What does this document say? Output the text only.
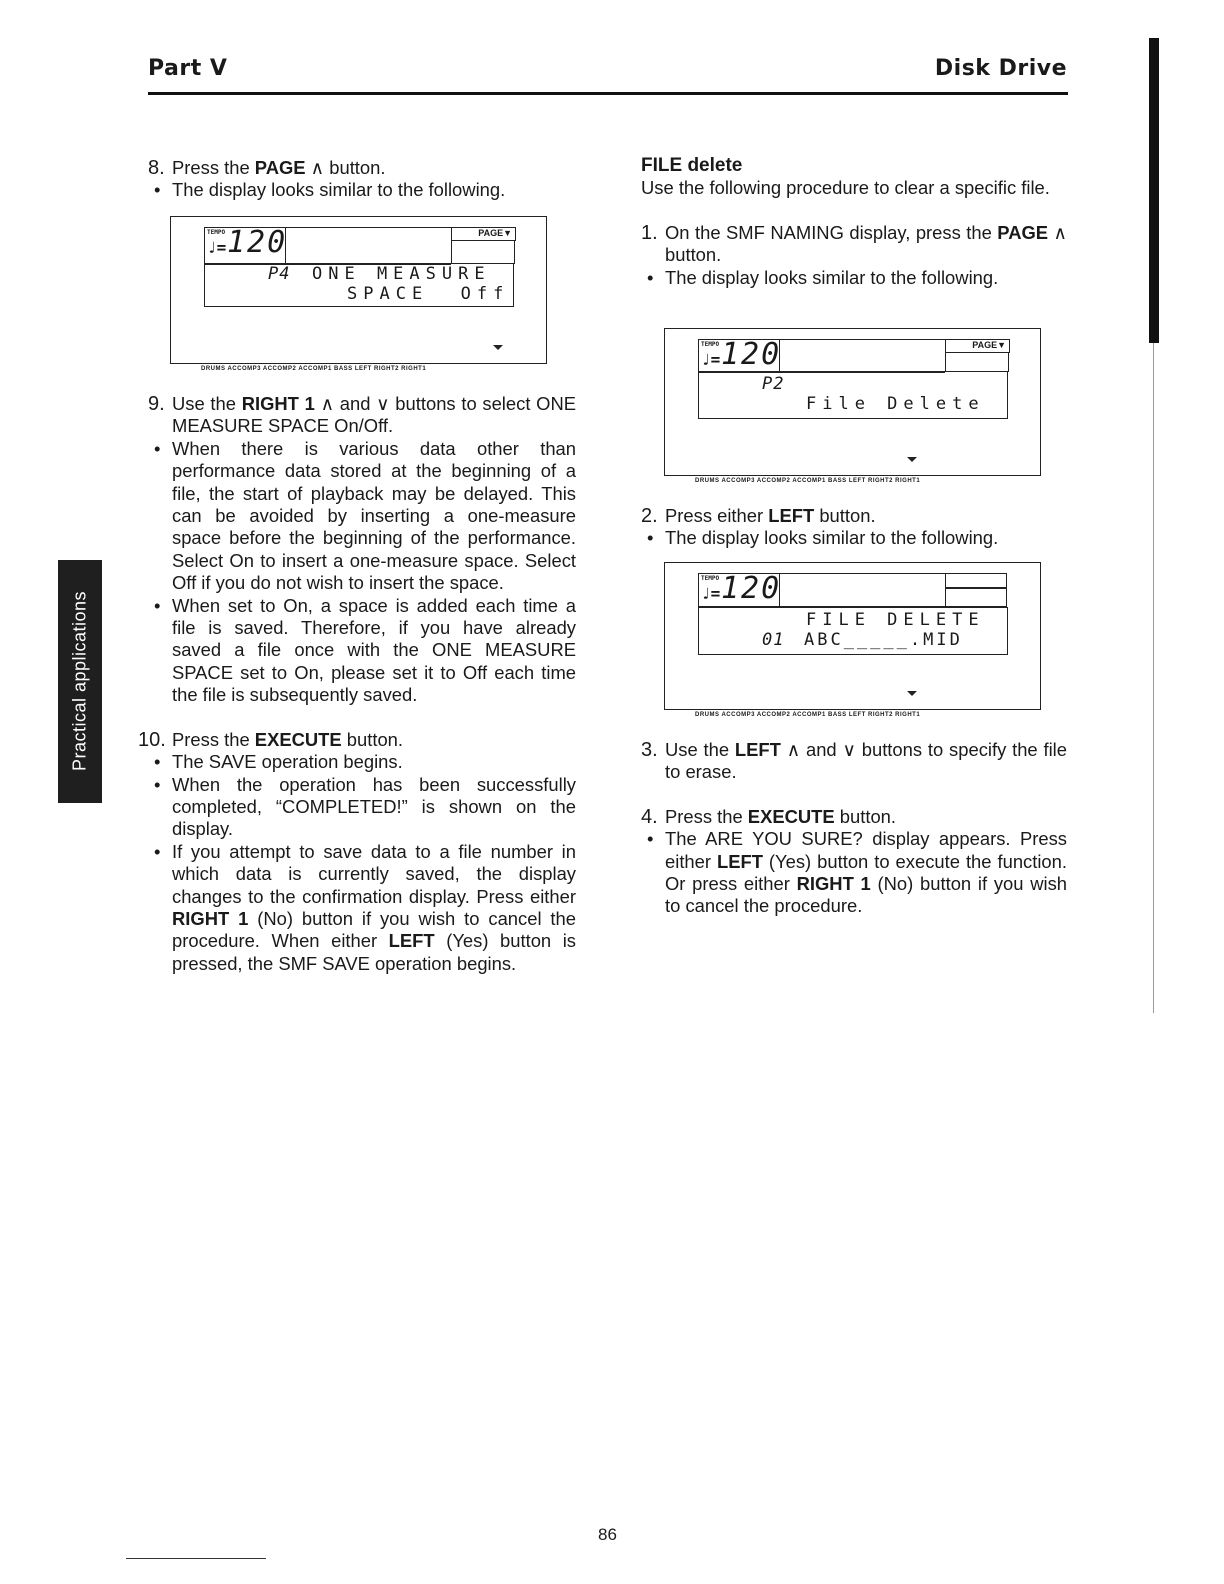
Part V	Disk Drive
Practical applications
8. Press the PAGE ∧ button.
• The display looks similar to the following.
TEMPO
♩= 120	PAGE▼
P4 ONE MEASURE
SPACE  Off
DRUMS ACCOMP3 ACCOMP2 ACCOMP1 BASS LEFT RIGHT2 RIGHT1
9. Use the RIGHT 1 ∧ and ∨ buttons to select ONE MEASURE SPACE On/Off.
• When there is various data other than performance data stored at the beginning of a file, the start of playback may be delayed. This can be avoided by inserting a one-measure space before the beginning of the performance. Select On to insert a one-measure space. Select Off if you do not wish to insert the space.
• When set to On, a space is added each time a file is saved. Therefore, if you have already saved a file once with the ONE MEASURE SPACE set to On, please set it to Off each time the file is subsequently saved.
10. Press the EXECUTE button.
• The SAVE operation begins.
• When the operation has been successfully completed, “COMPLETED!” is shown on the display.
• If you attempt to save data to a file number in which data is currently saved, the display changes to the confirmation display. Press either RIGHT 1 (No) button if you wish to cancel the procedure. When either LEFT (Yes) button is pressed, the SMF SAVE operation begins.
FILE delete
Use the following procedure to clear a specific file.
1. On the SMF NAMING display, press the PAGE ∧ button.
• The display looks similar to the following.
TEMPO
♩= 120	PAGE▼
P2
File Delete
DRUMS ACCOMP3 ACCOMP2 ACCOMP1 BASS LEFT RIGHT2 RIGHT1
2. Press either LEFT button.
• The display looks similar to the following.
TEMPO
♩= 120
FILE DELETE
01 ABC_____.MID
DRUMS ACCOMP3 ACCOMP2 ACCOMP1 BASS LEFT RIGHT2 RIGHT1
3. Use the LEFT ∧ and ∨ buttons to specify the file to erase.
4. Press the EXECUTE button.
• The ARE YOU SURE? display appears. Press either LEFT (Yes) button to execute the function. Or press either RIGHT 1 (No) button if you wish to cancel the procedure.
86
